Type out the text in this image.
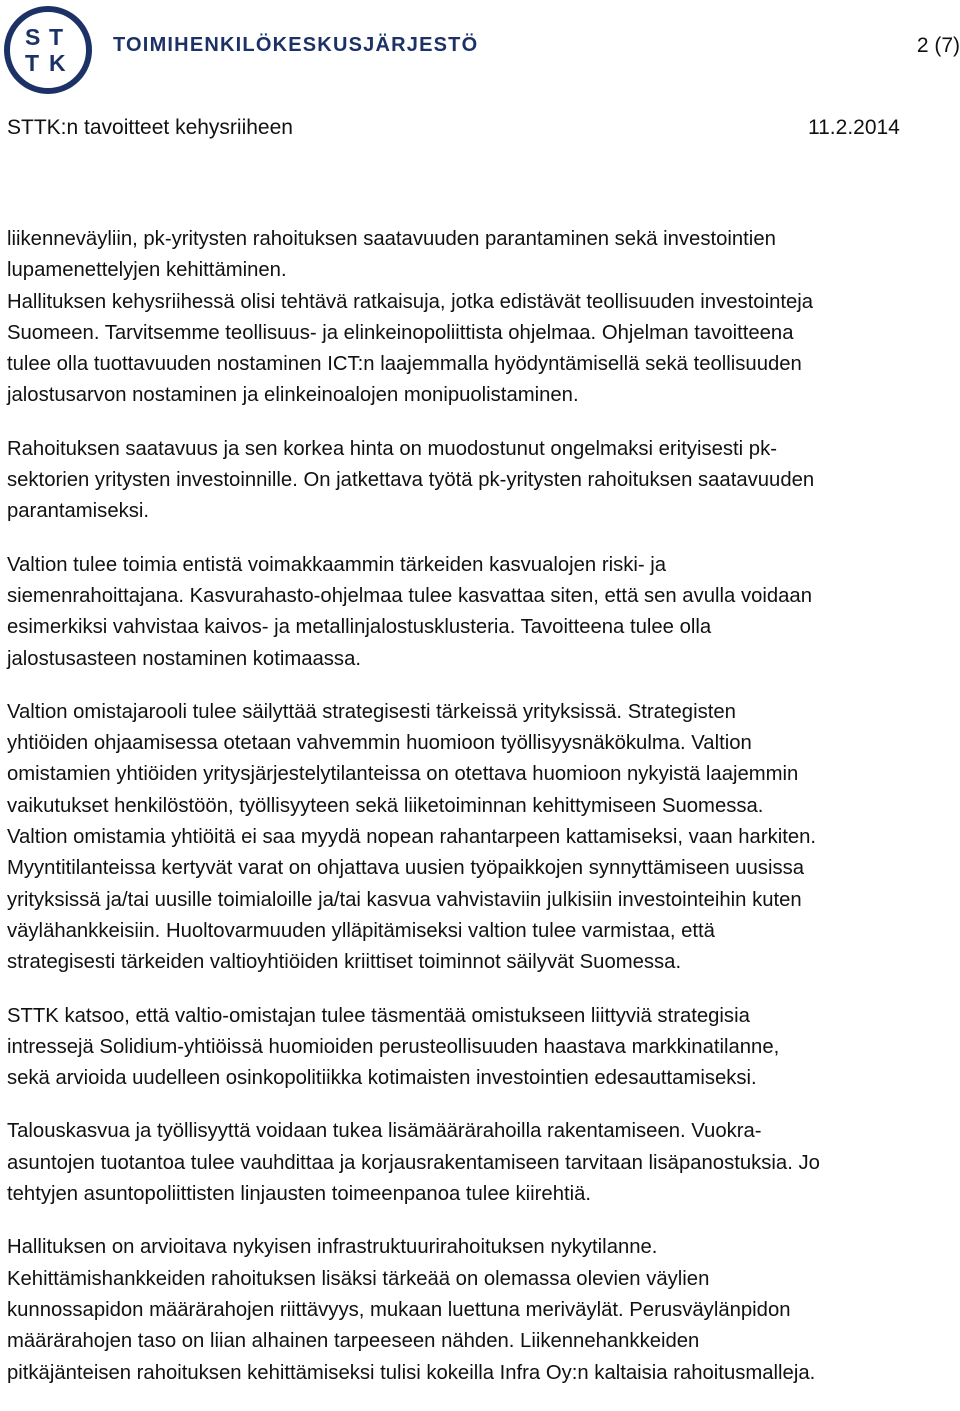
S T
T K
TOIMIHENKILÖKESKUSJÄRJESTÖ	2 (7)
STTK:n tavoitteet kehysriiheen	11.2.2014

liikenneväyliin, pk-yritysten rahoituksen saatavuuden parantaminen sekä investointien
lupamenettelyjen kehittäminen.
Hallituksen kehysriihessä olisi tehtävä ratkaisuja, jotka edistävät teollisuuden investointeja
Suomeen. Tarvitsemme teollisuus- ja elinkeinopoliittista ohjelmaa. Ohjelman tavoitteena
tulee olla tuottavuuden nostaminen ICT:n laajemmalla hyödyntämisellä sekä teollisuuden
jalostusarvon nostaminen ja elinkeinoalojen monipuolistaminen.

Rahoituksen saatavuus ja sen korkea hinta on muodostunut ongelmaksi erityisesti pk-
sektorien yritysten investoinnille. On jatkettava työtä pk-yritysten rahoituksen saatavuuden
parantamiseksi.

Valtion tulee toimia entistä voimakkaammin tärkeiden kasvualojen riski- ja
siemenrahoittajana. Kasvurahasto-ohjelmaa tulee kasvattaa siten, että sen avulla voidaan
esimerkiksi vahvistaa kaivos- ja metallinjalostusklusteria. Tavoitteena tulee olla
jalostusasteen nostaminen kotimaassa.

Valtion omistajarooli tulee säilyttää strategisesti tärkeissä yrityksissä. Strategisten
yhtiöiden ohjaamisessa otetaan vahvemmin huomioon työllisyysnäkökulma. Valtion
omistamien yhtiöiden yritysjärjestelytilanteissa on otettava huomioon nykyistä laajemmin
vaikutukset henkilöstöön, työllisyyteen sekä liiketoiminnan kehittymiseen Suomessa.
Valtion omistamia yhtiöitä ei saa myydä nopean rahantarpeen kattamiseksi, vaan harkiten.
Myyntitilanteissa kertyvät varat on ohjattava uusien työpaikkojen synnyttämiseen uusissa
yrityksissä ja/tai uusille toimialoille ja/tai kasvua vahvistaviin julkisiin investointeihin kuten
väylähankkeisiin. Huoltovarmuuden ylläpitämiseksi valtion tulee varmistaa, että
strategisesti tärkeiden valtioyhtiöiden kriittiset toiminnot säilyvät Suomessa.

STTK katsoo, että valtio-omistajan tulee täsmentää omistukseen liittyviä strategisia
intressejä Solidium-yhtiöissä huomioiden perusteollisuuden haastava markkinatilanne,
sekä arvioida uudelleen osinkopolitiikka kotimaisten investointien edesauttamiseksi.

Talouskasvua ja työllisyyttä voidaan tukea lisämäärärahoilla rakentamiseen. Vuokra-
asuntojen tuotantoa tulee vauhdittaa ja korjausrakentamiseen tarvitaan lisäpanostuksia. Jo
tehtyjen asuntopoliittisten linjausten toimeenpanoa tulee kiirehtiä.

Hallituksen on arvioitava nykyisen infrastruktuurirahoituksen nykytilanne.
Kehittämishankkeiden rahoituksen lisäksi tärkeää on olemassa olevien väylien
kunnossapidon määrärahojen riittävyys, mukaan luettuna meriväylät. Perusväylänpidon
määrärahojen taso on liian alhainen tarpeeseen nähden. Liikennehankkeiden
pitkäjänteisen rahoituksen kehittämiseksi tulisi kokeilla Infra Oy:n kaltaisia rahoitusmalleja.
